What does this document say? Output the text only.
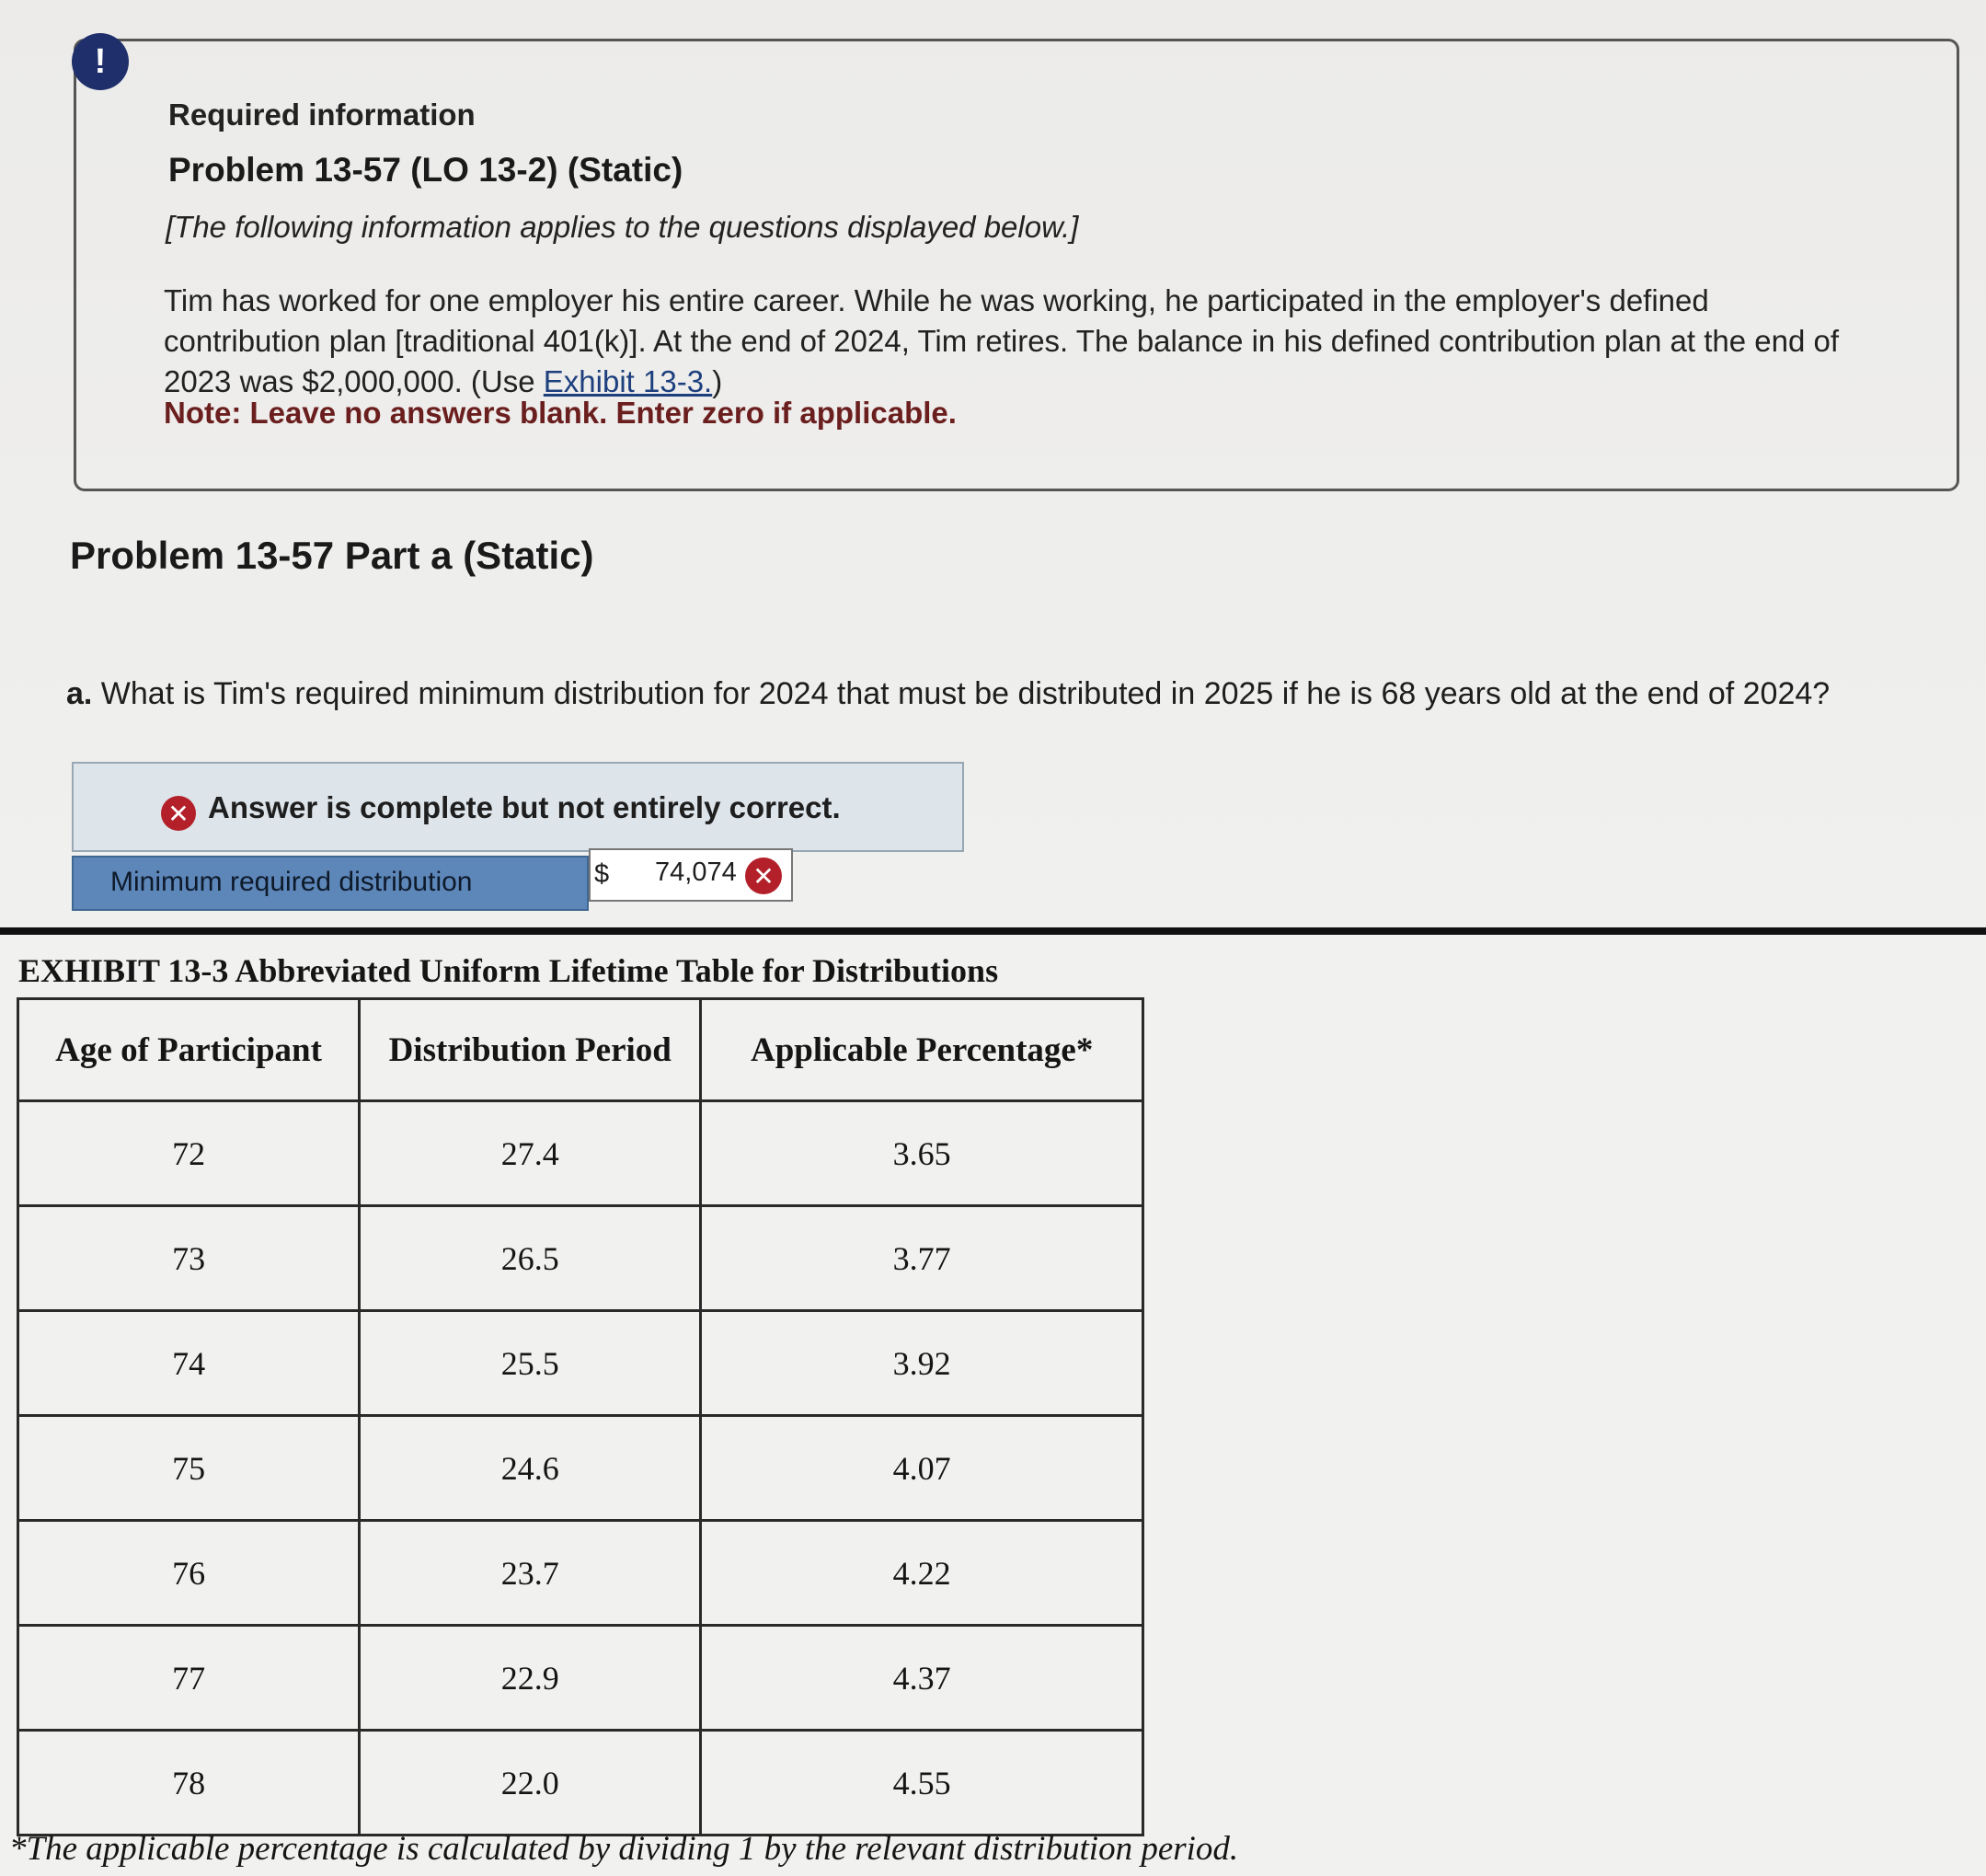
!
Required information
Problem 13-57 (LO 13-2) (Static)
[The following information applies to the questions displayed below.]
Tim has worked for one employer his entire career. While he was working, he participated in the employer's defined contribution plan [traditional 401(k)]. At the end of 2024, Tim retires. The balance in his defined contribution plan at the end of 2023 was $2,000,000. (Use Exhibit 13-3.)
Note: Leave no answers blank. Enter zero if applicable.
Problem 13-57 Part a (Static)
a. What is Tim's required minimum distribution for 2024 that must be distributed in 2025 if he is 68 years old at the end of 2024?
✕ Answer is complete but not entirely correct.
Minimum required distribution	$ 74,074 ✕
EXHIBIT 13-3 Abbreviated Uniform Lifetime Table for Distributions
Age of Participant	Distribution Period	Applicable Percentage*
72	27.4	3.65
73	26.5	3.77
74	25.5	3.92
75	24.6	4.07
76	23.7	4.22
77	22.9	4.37
78	22.0	4.55
*The applicable percentage is calculated by dividing 1 by the relevant distribution period.
